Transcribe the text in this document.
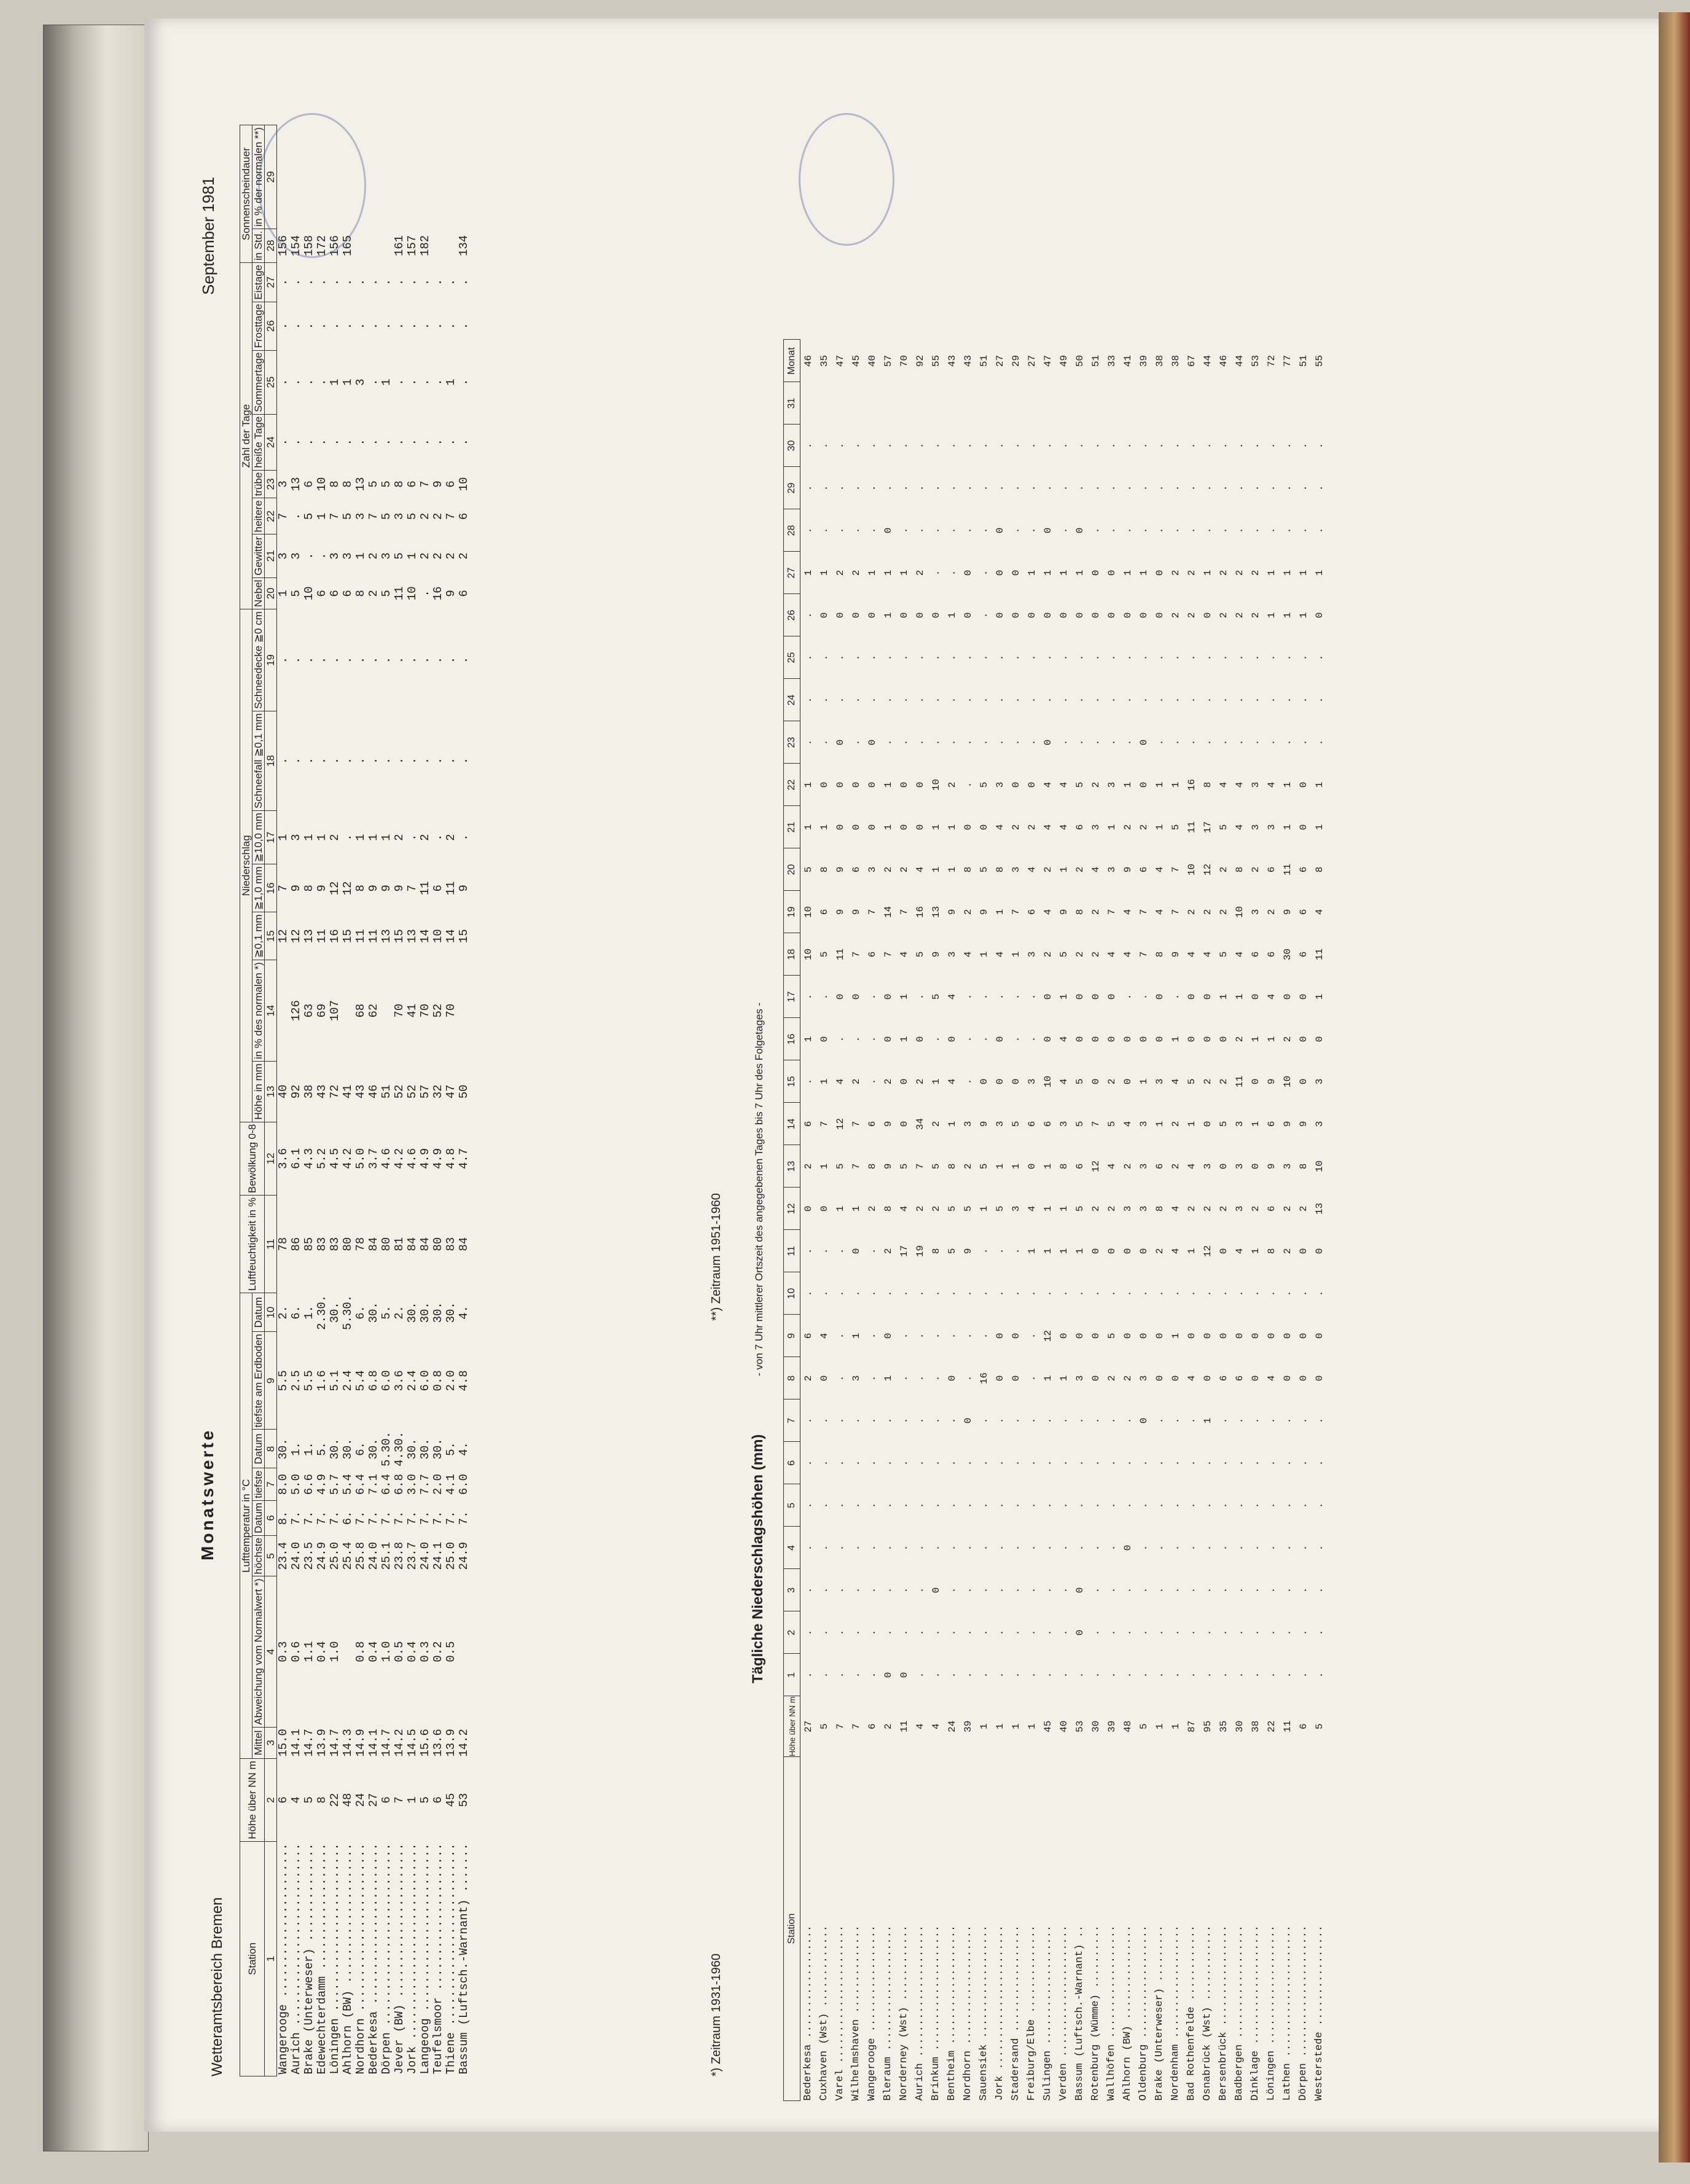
Wetteramtsbereich Bremen
Monatswerte
September 1981
Station	Höhe über NN m	Lufttemperatur in °C								Luftfeuchtigkeit in %	Bewölkung 0-8	Niederschlag							Zahl der Tage								Sonnenscheindauer	
		Mittel	Abweichung vom Normalwert *)	höchste	Datum	tiefste	Datum	tiefste am Erdboden	Datum			Höhe in mm	in % des normalen *)	≧0,1 mm	≧1,0 mm	≧10,0 mm	Schneefall ≧0,1 mm	Schneedecke ≧0 cm	Nebel	Gewitter	heitere	trübe	heiße Tage	Sommertage	Frosttage	Eistage	in Std.	in % der normalen **)

1	2	3	4	5	6	7	8	9	10	11	12	13	14	15	16	17	18	19	20	21	22	23	24	25	26	27	28	29
Wangerooge ......................	6	15.0	0.3	23.4	8.	8.0	30.	5.5	2.	78	3.6	40		12	7	1	.	.	1	3	7	3	.	.	.	.	156	
Aurich ..........................	4	14.1	0.6	24.0	7.	5.0	1.	2.5	6.	86	6.1	92	126	12	9	3	.	.	5	3	.	13	.	.	.	.	154	
Brake (Unterweser) ..............	5	14.7	1.1	23.5	7.	6.6	1.	5.5	1.	85	4.3	38	63	13	8	1	.	.	10	.	5	6	.	.	.	.	158	
Edewechterdamm ..................	8	13.9	0.4	24.9	7.	4.9	5.	1.6	2.30.	83	5.2	43	69	11	9	1	.	.	6	.	1	10	.	.	.	.	172	
Löningen ........................	22	14.7	1.0	25.0	7.	5.7	30.	5.1	30.	83	4.5	72	107	16	12	2	.	.	6	3	7	8	.	1	.	.	156	
Ahlhorn (BW) ....................	48	14.3		25.4	6.	5.4	30.	2.4	5.30.	80	4.2	41		15	12	.	.	.	6	3	5	8	.	1	.	.	165	
Nordhorn ........................	24	14.9	0.8	25.8	7.	6.4	6.	5.4	6.	78	5.0	43	68	11	8	1	.	.	8	1	3	13	.	3	.	.		
Bederkesa .......................	27	14.1	0.4	24.0	7.	7.1	30.	6.8	30.	84	3.7	46	62	11	9	1	.	.	2	2	7	5	.	.	.	.		
Dörpen ..........................	6	14.7	1.0	25.1	7.	6.4	5.30.	6.0	5.	80	4.6	51		13	9	1	.	.	5	3	5	5	.	1	.	.		
Jever (BW) ......................	7	14.2	0.5	23.8	7.	6.8	4.30.	3.6	2.	81	4.2	52	70	15	9	2	.	.	11	5	3	8	.	.	.	.	161	
Jork ............................	1	14.5	0.4	23.7	7.	3.0	30.	2.4	30.	84	4.6	52	41	13	7	.	.	.	10	1	5	6	.	.	.	.	157	
Langeoog ........................	5	15.6	0.3	24.0	7.	7.7	30.	6.0	30.	84	4.9	57	70	14	11	2	.	.	.	2	2	7	.	.	.	.	182	
Teufelsmoor .....................	6	13.6	0.2	24.1	7.	2.0	30.	0.8	30.	80	4.9	32	52	10	6	.	.	.	16	2	2	9	.	.	.	.		
Thiene ..........................	45	13.9	0.5	25.0	7.	4.1	5.	2.0	30.	83	4.8	47	70	14	11	2	.	.	9	2	7	6	.	1	.	.		
Bassum (Luftsch.-Warnant) .......	53	14.2		24.9	7.	6.0	4.	4.8	4.	84	4.7	50		15	9	.	.	.	6	2	6	10	.	.	.	.	134	
*) Zeitraum 1931-1960
**) Zeitraum 1951-1960
Tägliche Niederschlagshöhen (mm)
- von 7 Uhr mittlerer Ortszeit des angegebenen Tages bis 7 Uhr des Folgetages -
Station	Höhe über NN m	1	2	3	4	5	6	7	8	9	10	11	12	13	14	15	16	17	18	19	20	21	22	23	24	25	26	27	28	29	30	31	Monat
Bederkesa ..................	27	.	.	.	.	.	.	.	2	6	.	.	0	2	6	.	1	.	10	10	5	1	1	.	.	.	.	1	.	.	.		46
Cuxhaven (Wst) .............	5	.	.	.	.	.	.	.	0	4	.	.	0	1	7	1	0	.	5	6	8	1	0	.	.	.	0	1	.	.	.		35
Varel ......................	7	.	.	.	.	.	.	.	.	.	.	.	1	5	12	4	.	0	11	9	9	0	0	0	.	.	0	2	.	.	.		47
Wilhelmshaven ..............	7	.	.	.	.	.	.	.	3	1	.	0	1	7	7	2	.	0	7	9	6	0	0	.	.	.	0	2	.	.	.		45
Wangerooge .................	6	.	.	.	.	.	.	.	.	.	.	.	2	8	6	.	.	.	6	7	3	0	0	0	.	.	0	1	.	.	.		40
Bleraum ....................	2	0	.	.	.	.	.	.	1	0	.	2	8	9	9	2	0	0	7	14	2	1	1	.	.	.	1	1	0	.	.		57
Norderney (Wst) ............	11	0	.	.	.	.	.	.	.	.	.	17	4	5	0	0	1	1	4	7	2	0	0	.	.	.	0	1	.	.	.		70
Aurich .....................	4	.	.	.	.	.	.	.	.	.	.	19	2	7	34	2	0	.	5	16	4	0	0	.	.	.	0	2	.	.	.		92
Brinkum ....................	4	.	.	0	.	.	.	.	.	.	.	8	2	5	2	1	.	5	9	13	1	1	10	.	.	.	0	.	.	.	.		55
Bentheim ...................	24	.	.	.	.	.	.	.	0	.	.	5	5	8	1	4	0	4	3	9	1	1	2	.	.	.	1	.	.	.	.		43
Nordhorn ...................	39	.	.	.	.	.	.	0	.	.	.	9	5	2	3	.	.	.	4	2	8	0	.	.	.	.	0	0	.	.	.		43
Sauensiek ..................	1	.	.	.	.	.	.	.	16	.	.	.	1	5	9	0	.	.	1	9	5	0	5	.	.	.	.	.	.	.	.		51
Jork .......................	1	.	.	.	.	.	.	.	0	0	.	.	5	1	3	0	0	.	4	1	8	4	3	.	.	.	0	0	0	.	.		27
Stadersand .................	1	.	.	.	.	.	.	.	0	0	.	.	3	1	5	0	.	.	1	7	3	2	0	.	.	.	0	0	.	.	.		29
Freiburg/Elbe ..............	1	.	.	.	.	.	.	.	.	.	.	1	4	0	6	3	.	.	3	6	4	2	0	.	.	.	0	1	.	.	.		27
Sulingen ...................	45	.	.	.	.	.	.	.	1	12	.	1	1	1	6	10	0	0	2	4	2	4	4	0	.	.	0	1	0	.	.		47
Verden .....................	40	.	.	.	.	.	.	.	1	0	.	1	1	8	3	4	4	1	5	9	1	4	4	.	.	.	0	1	.	.	.		49
Bassum (Luftsch.-Warnant) ..	53	.	0	0	.	.	.	.	3	0	.	1	5	6	5	5	0	0	2	8	2	6	5	.	.	.	0	1	0	.	.		50
Rotenburg (Wümme) ..........	30	.	.	.	.	.	.	.	0	0	.	0	2	12	7	0	0	0	2	2	4	3	2	.	.	.	0	0	.	.	.		51
Wallhöfen ..................	39	.	.	.	.	.	.	.	2	5	.	0	2	4	5	2	0	0	4	7	3	1	3	.	.	.	0	0	.	.	.		33
Ahlhorn (BW) ...............	48	.	.	.	0	.	.	.	2	0	.	0	3	2	4	0	0	.	4	4	9	2	1	.	.	.	0	1	.	.	.		41
Oldenburg ..................	5	.	.	.	.	.	.	0	3	0	.	0	3	3	3	1	0	.	7	7	6	2	0	0	.	.	0	1	.	.	.		39
Brake (Unterweser) .........	1	.	.	.	.	.	.	.	0	0	.	2	8	6	1	3	0	0	8	4	4	1	1	.	.	.	0	0	.	.	.		38
Nordenham ..................	1	.	.	.	.	.	.	.	0	1	.	4	4	2	2	4	1	.	9	7	7	5	1	.	.	.	2	2	.	.	.		38
Bad Rothenfelde ............	87	.	.	.	.	.	.	.	4	0	.	1	2	4	1	5	0	0	4	2	10	11	16	.	.	.	2	2	.	.	.		67
Osnabrück (Wst) ............	95	.	.	.	.	.	.	1	0	0	.	12	2	3	0	2	0	0	4	2	12	17	8	.	.	.	0	1	.	.	.		44
Bersenbrück ................	35	.	.	.	.	.	.	.	6	0	.	0	2	0	5	2	0	1	5	2	2	5	4	.	.	.	2	2	.	.	.		46
Badbergen ..................	30	.	.	.	.	.	.	.	6	0	.	4	3	3	3	11	2	1	4	10	8	4	4	.	.	.	2	2	.	.	.		44
Dinklage ...................	38	.	.	.	.	.	.	.	0	0	.	1	2	0	1	0	1	0	6	3	2	3	3	.	.	.	2	2	.	.	.		53
Löningen ...................	22	.	.	.	.	.	.	.	4	0	.	8	6	9	6	9	1	4	6	2	6	3	4	.	.	.	1	1	.	.	.		72
Lathen .....................	11	.	.	.	.	.	.	.	0	0	.	2	2	3	9	10	2	0	30	9	11	1	1	.	.	.	1	1	.	.	.		77
Dörpen .....................	6	.	.	.	.	.	.	.	0	0	.	0	2	8	9	0	0	0	6	6	6	0	0	.	.	.	1	1	.	.	.		51
Westerstede ................	5	.	.	.	.	.	.	.	0	0	.	0	13	10	3	3	0	1	11	4	8	1	1	.	.	.	0	1	.	.	.		55
